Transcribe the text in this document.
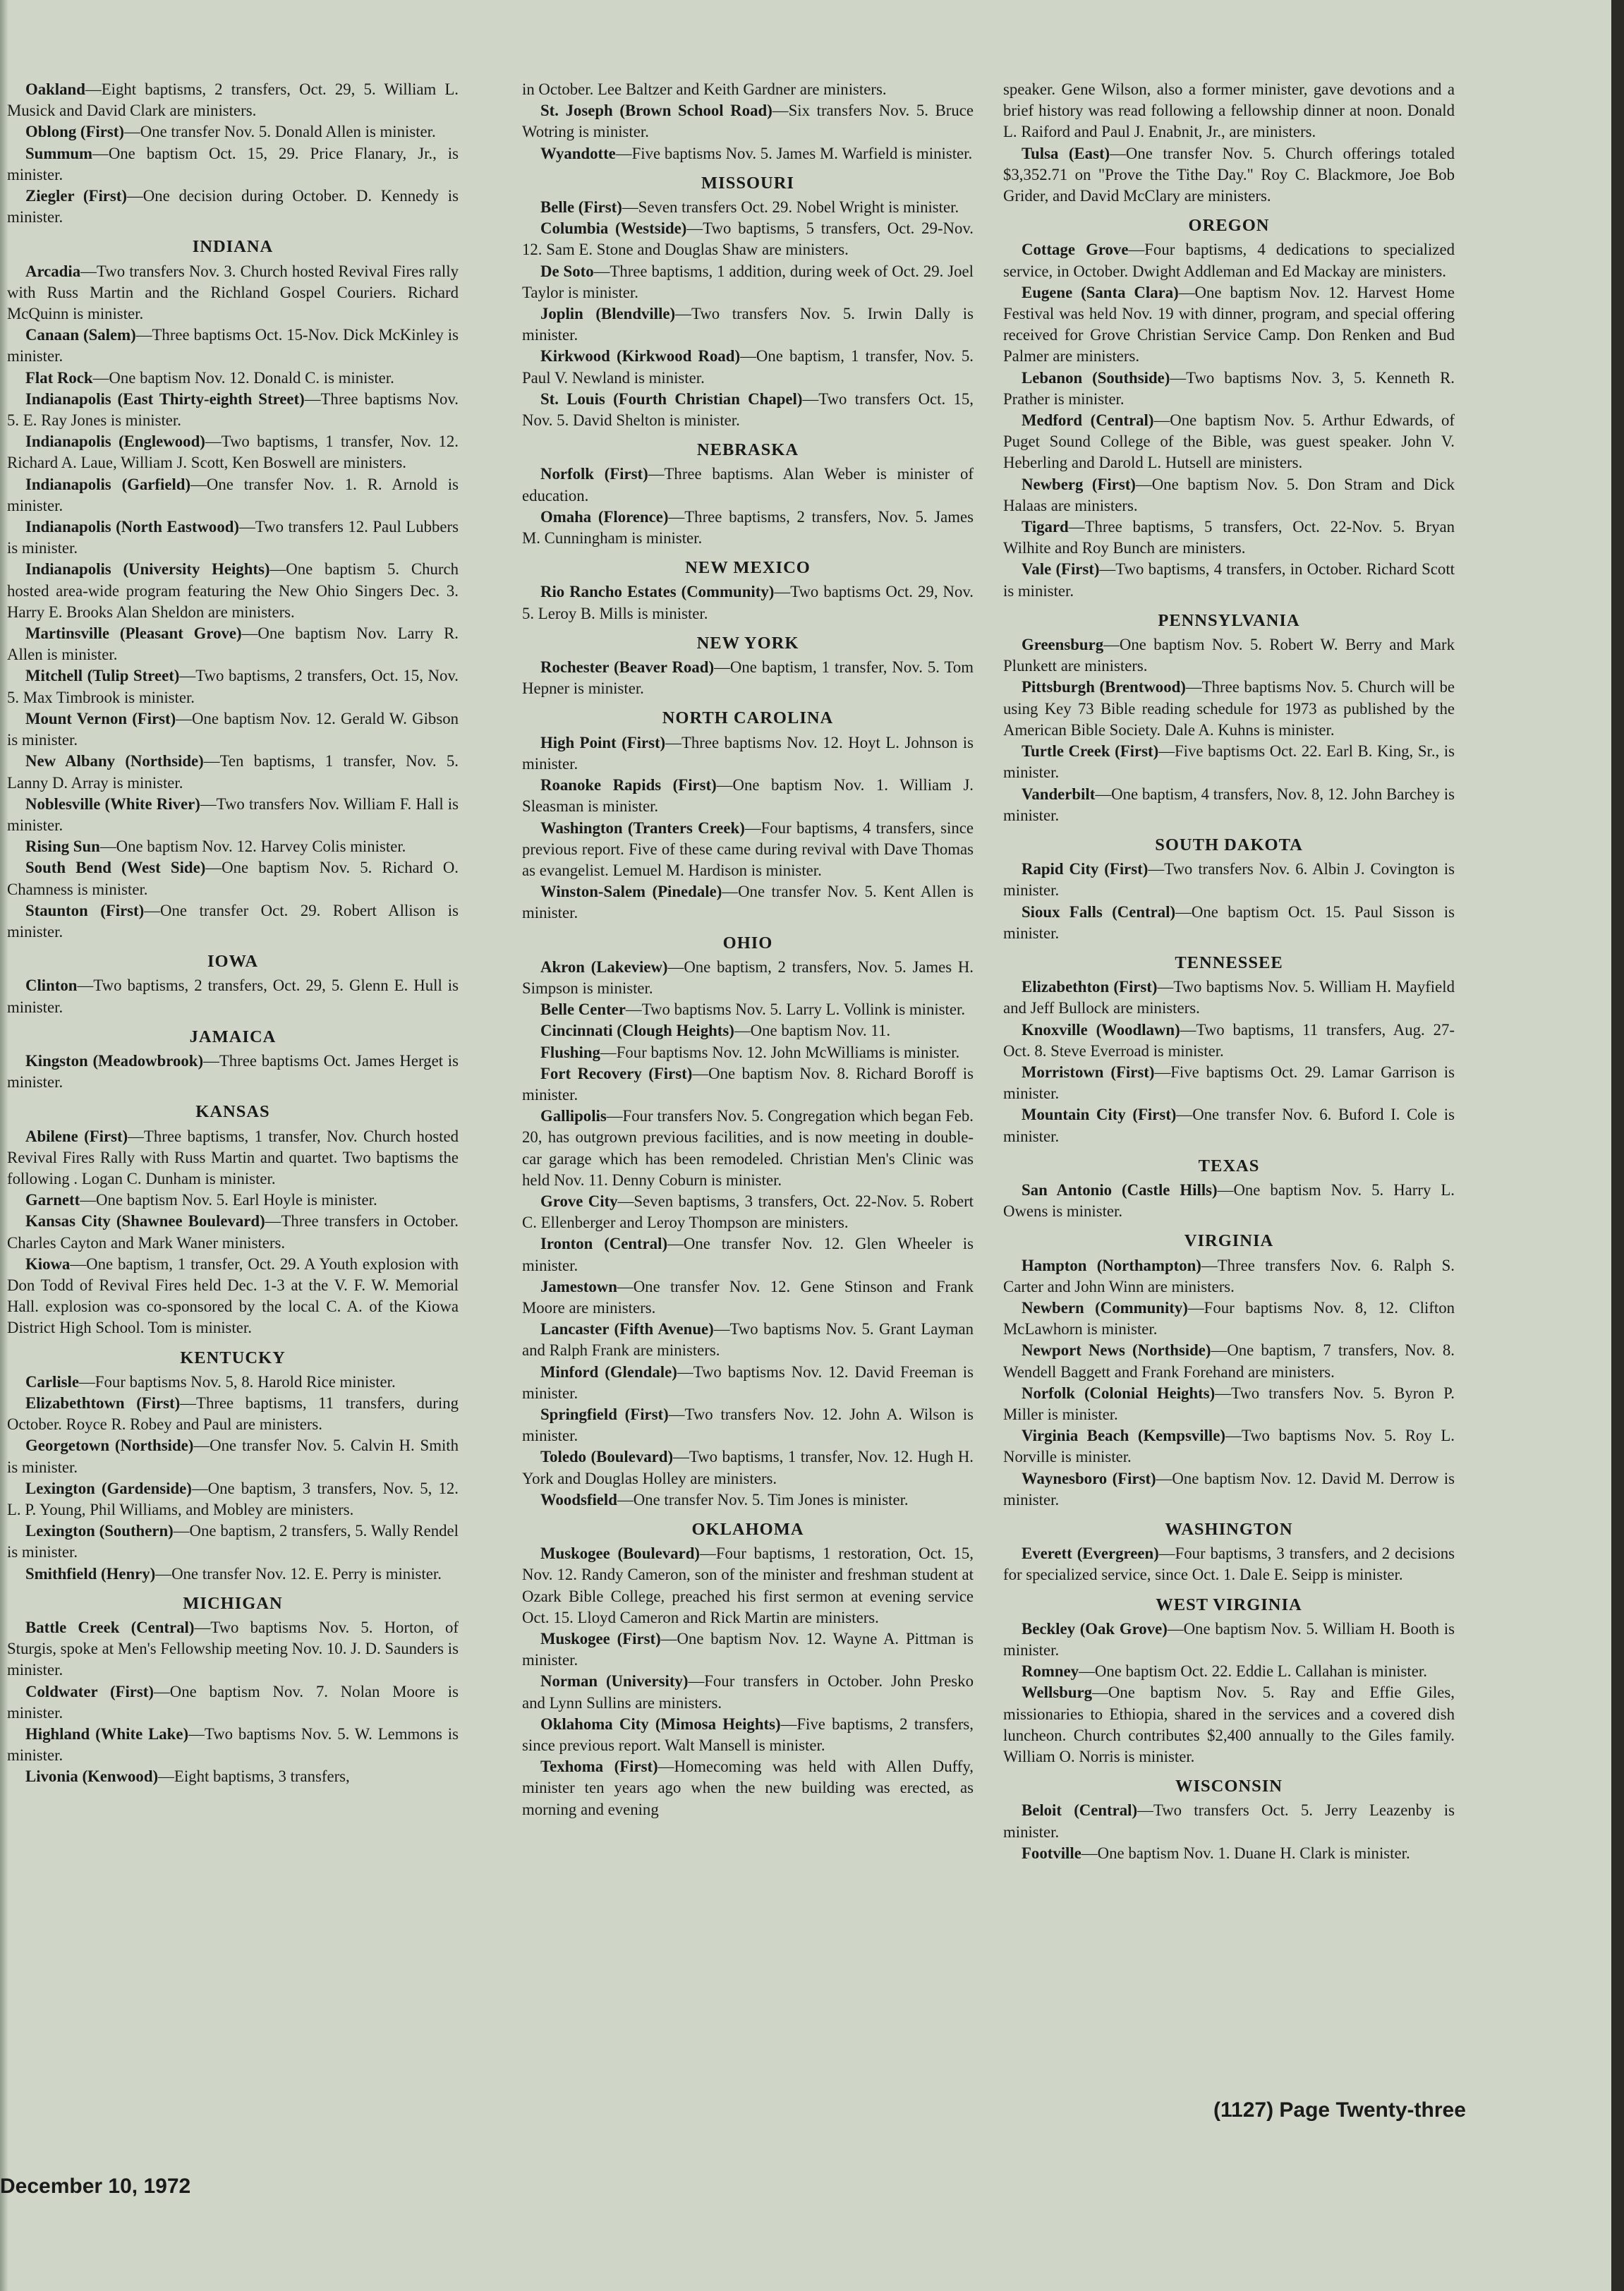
Oakland—Eight baptisms, 2 transfers, Oct. 29, 5. William L. Musick and David Clark are ministers.

Oblong (First)—One transfer Nov. 5. Donald Allen is minister.

Summum—One baptism Oct. 15, 29. Price Flanary, Jr., is minister.

Ziegler (First)—One decision during October. D. Kennedy is minister.

INDIANA

Arcadia—Two transfers Nov. 3. Church hosted Revival Fires rally with Russ Martin and the Richland Gospel Couriers. Richard McQuinn is minister.

Canaan (Salem)—Three baptisms Oct. 15-Nov. Dick McKinley is minister.

Flat Rock—One baptism Nov. 12. Donald C. is minister.

Indianapolis (East Thirty-eighth Street)—Three baptisms Nov. 5. E. Ray Jones is minister.

Indianapolis (Englewood)—Two baptisms, 1 transfer, Nov. 12. Richard A. Laue, William J. Scott, Ken Boswell are ministers.

Indianapolis (Garfield)—One transfer Nov. 1. R. Arnold is minister.

Indianapolis (North Eastwood)—Two transfers 12. Paul Lubbers is minister.

Indianapolis (University Heights)—One baptism 5. Church hosted area-wide program featuring the New Ohio Singers Dec. 3. Harry E. Brooks Alan Sheldon are ministers.

Martinsville (Pleasant Grove)—One baptism Nov. Larry R. Allen is minister.

Mitchell (Tulip Street)—Two baptisms, 2 transfers, Oct. 15, Nov. 5. Max Timbrook is minister.

Mount Vernon (First)—One baptism Nov. 12. Gerald W. Gibson is minister.

New Albany (Northside)—Ten baptisms, 1 transfer, Nov. 5. Lanny D. Array is minister.

Noblesville (White River)—Two transfers Nov. William F. Hall is minister.

Rising Sun—One baptism Nov. 12. Harvey Colis minister.

South Bend (West Side)—One baptism Nov. 5. Richard O. Chamness is minister.

Staunton (First)—One transfer Oct. 29. Robert Allison is minister.

IOWA

Clinton—Two baptisms, 2 transfers, Oct. 29, 5. Glenn E. Hull is minister.

JAMAICA

Kingston (Meadowbrook)—Three baptisms Oct. James Herget is minister.

KANSAS

Abilene (First)—Three baptisms, 1 transfer, Nov. Church hosted Revival Fires Rally with Russ Martin and quartet. Two baptisms the following . Logan C. Dunham is minister.

Garnett—One baptism Nov. 5. Earl Hoyle is minister.

Kansas City (Shawnee Boulevard)—Three transfers in October. Charles Cayton and Mark Waner ministers.

Kiowa—One baptism, 1 transfer, Oct. 29. A Youth explosion with Don Todd of Revival Fires held Dec. 1-3 at the V. F. W. Memorial Hall. explosion was co-sponsored by the local C. A. of the Kiowa District High School. Tom is minister.

KENTUCKY

Carlisle—Four baptisms Nov. 5, 8. Harold Rice minister.

Elizabethtown (First)—Three baptisms, 11 transfers, during October. Royce R. Robey and Paul are ministers.

Georgetown (Northside)—One transfer Nov. 5. Calvin H. Smith is minister.

Lexington (Gardenside)—One baptism, 3 transfers, Nov. 5, 12. L. P. Young, Phil Williams, and Mobley are ministers.

Lexington (Southern)—One baptism, 2 transfers, 5. Wally Rendel is minister.

Smithfield (Henry)—One transfer Nov. 12. E. Perry is minister.

MICHIGAN

Battle Creek (Central)—Two baptisms Nov. 5. Horton, of Sturgis, spoke at Men's Fellowship meeting Nov. 10. J. D. Saunders is minister.

Coldwater (First)—One baptism Nov. 7. Nolan Moore is minister.

Highland (White Lake)—Two baptisms Nov. 5. W. Lemmons is minister.

Livonia (Kenwood)—Eight baptisms, 3 transfers,

in October. Lee Baltzer and Keith Gardner are ministers.

St. Joseph (Brown School Road)—Six transfers Nov. 5. Bruce Wotring is minister.

Wyandotte—Five baptisms Nov. 5. James M. Warfield is minister.

MISSOURI

Belle (First)—Seven transfers Oct. 29. Nobel Wright is minister.

Columbia (Westside)—Two baptisms, 5 transfers, Oct. 29-Nov. 12. Sam E. Stone and Douglas Shaw are ministers.

De Soto—Three baptisms, 1 addition, during week of Oct. 29. Joel Taylor is minister.

Joplin (Blendville)—Two transfers Nov. 5. Irwin Dally is minister.

Kirkwood (Kirkwood Road)—One baptism, 1 transfer, Nov. 5. Paul V. Newland is minister.

St. Louis (Fourth Christian Chapel)—Two transfers Oct. 15, Nov. 5. David Shelton is minister.

NEBRASKA

Norfolk (First)—Three baptisms. Alan Weber is minister of education.

Omaha (Florence)—Three baptisms, 2 transfers, Nov. 5. James M. Cunningham is minister.

NEW MEXICO

Rio Rancho Estates (Community)—Two baptisms Oct. 29, Nov. 5. Leroy B. Mills is minister.

NEW YORK

Rochester (Beaver Road)—One baptism, 1 transfer, Nov. 5. Tom Hepner is minister.

NORTH CAROLINA

High Point (First)—Three baptisms Nov. 12. Hoyt L. Johnson is minister.

Roanoke Rapids (First)—One baptism Nov. 1. William J. Sleasman is minister.

Washington (Tranters Creek)—Four baptisms, 4 transfers, since previous report. Five of these came during revival with Dave Thomas as evangelist. Lemuel M. Hardison is minister.

Winston-Salem (Pinedale)—One transfer Nov. 5. Kent Allen is minister.

OHIO

Akron (Lakeview)—One baptism, 2 transfers, Nov. 5. James H. Simpson is minister.

Belle Center—Two baptisms Nov. 5. Larry L. Vollink is minister.

Cincinnati (Clough Heights)—One baptism Nov. 11.

Flushing—Four baptisms Nov. 12. John McWilliams is minister.

Fort Recovery (First)—One baptism Nov. 8. Richard Boroff is minister.

Gallipolis—Four transfers Nov. 5. Congregation which began Feb. 20, has outgrown previous facilities, and is now meeting in double-car garage which has been remodeled. Christian Men's Clinic was held Nov. 11. Denny Coburn is minister.

Grove City—Seven baptisms, 3 transfers, Oct. 22-Nov. 5. Robert C. Ellenberger and Leroy Thompson are ministers.

Ironton (Central)—One transfer Nov. 12. Glen Wheeler is minister.

Jamestown—One transfer Nov. 12. Gene Stinson and Frank Moore are ministers.

Lancaster (Fifth Avenue)—Two baptisms Nov. 5. Grant Layman and Ralph Frank are ministers.

Minford (Glendale)—Two baptisms Nov. 12. David Freeman is minister.

Springfield (First)—Two transfers Nov. 12. John A. Wilson is minister.

Toledo (Boulevard)—Two baptisms, 1 transfer, Nov. 12. Hugh H. York and Douglas Holley are ministers.

Woodsfield—One transfer Nov. 5. Tim Jones is minister.

OKLAHOMA

Muskogee (Boulevard)—Four baptisms, 1 restoration, Oct. 15, Nov. 12. Randy Cameron, son of the minister and freshman student at Ozark Bible College, preached his first sermon at evening service Oct. 15. Lloyd Cameron and Rick Martin are ministers.

Muskogee (First)—One baptism Nov. 12. Wayne A. Pittman is minister.

Norman (University)—Four transfers in October. John Presko and Lynn Sullins are ministers.

Oklahoma City (Mimosa Heights)—Five baptisms, 2 transfers, since previous report. Walt Mansell is minister.

Texhoma (First)—Homecoming was held with Allen Duffy, minister ten years ago when the new building was erected, as morning and evening

speaker. Gene Wilson, also a former minister, gave devotions and a brief history was read following a fellowship dinner at noon. Donald L. Raiford and Paul J. Enabnit, Jr., are ministers.

Tulsa (East)—One transfer Nov. 5. Church offerings totaled $3,352.71 on "Prove the Tithe Day." Roy C. Blackmore, Joe Bob Grider, and David McClary are ministers.

OREGON

Cottage Grove—Four baptisms, 4 dedications to specialized service, in October. Dwight Addleman and Ed Mackay are ministers.

Eugene (Santa Clara)—One baptism Nov. 12. Harvest Home Festival was held Nov. 19 with dinner, program, and special offering received for Grove Christian Service Camp. Don Renken and Bud Palmer are ministers.

Lebanon (Southside)—Two baptisms Nov. 3, 5. Kenneth R. Prather is minister.

Medford (Central)—One baptism Nov. 5. Arthur Edwards, of Puget Sound College of the Bible, was guest speaker. John V. Heberling and Darold L. Hutsell are ministers.

Newberg (First)—One baptism Nov. 5. Don Stram and Dick Halaas are ministers.

Tigard—Three baptisms, 5 transfers, Oct. 22-Nov. 5. Bryan Wilhite and Roy Bunch are ministers.

Vale (First)—Two baptisms, 4 transfers, in October. Richard Scott is minister.

PENNSYLVANIA

Greensburg—One baptism Nov. 5. Robert W. Berry and Mark Plunkett are ministers.

Pittsburgh (Brentwood)—Three baptisms Nov. 5. Church will be using Key 73 Bible reading schedule for 1973 as published by the American Bible Society. Dale A. Kuhns is minister.

Turtle Creek (First)—Five baptisms Oct. 22. Earl B. King, Sr., is minister.

Vanderbilt—One baptism, 4 transfers, Nov. 8, 12. John Barchey is minister.

SOUTH DAKOTA

Rapid City (First)—Two transfers Nov. 6. Albin J. Covington is minister.

Sioux Falls (Central)—One baptism Oct. 15. Paul Sisson is minister.

TENNESSEE

Elizabethton (First)—Two baptisms Nov. 5. William H. Mayfield and Jeff Bullock are ministers.

Knoxville (Woodlawn)—Two baptisms, 11 transfers, Aug. 27-Oct. 8. Steve Everroad is minister.

Morristown (First)—Five baptisms Oct. 29. Lamar Garrison is minister.

Mountain City (First)—One transfer Nov. 6. Buford I. Cole is minister.

TEXAS

San Antonio (Castle Hills)—One baptism Nov. 5. Harry L. Owens is minister.

VIRGINIA

Hampton (Northampton)—Three transfers Nov. 6. Ralph S. Carter and John Winn are ministers.

Newbern (Community)—Four baptisms Nov. 8, 12. Clifton McLawhorn is minister.

Newport News (Northside)—One baptism, 7 transfers, Nov. 8. Wendell Baggett and Frank Forehand are ministers.

Norfolk (Colonial Heights)—Two transfers Nov. 5. Byron P. Miller is minister.

Virginia Beach (Kempsville)—Two baptisms Nov. 5. Roy L. Norville is minister.

Waynesboro (First)—One baptism Nov. 12. David M. Derrow is minister.

WASHINGTON

Everett (Evergreen)—Four baptisms, 3 transfers, and 2 decisions for specialized service, since Oct. 1. Dale E. Seipp is minister.

WEST VIRGINIA

Beckley (Oak Grove)—One baptism Nov. 5. William H. Booth is minister.

Romney—One baptism Oct. 22. Eddie L. Callahan is minister.

Wellsburg—One baptism Nov. 5. Ray and Effie Giles, missionaries to Ethiopia, shared in the services and a covered dish luncheon. Church contributes $2,400 annually to the Giles family. William O. Norris is minister.

WISCONSIN

Beloit (Central)—Two transfers Oct. 5. Jerry Leazenby is minister.

Footville—One baptism Nov. 1. Duane H. Clark is minister.

December 10, 1972
(1127) Page Twenty-three
